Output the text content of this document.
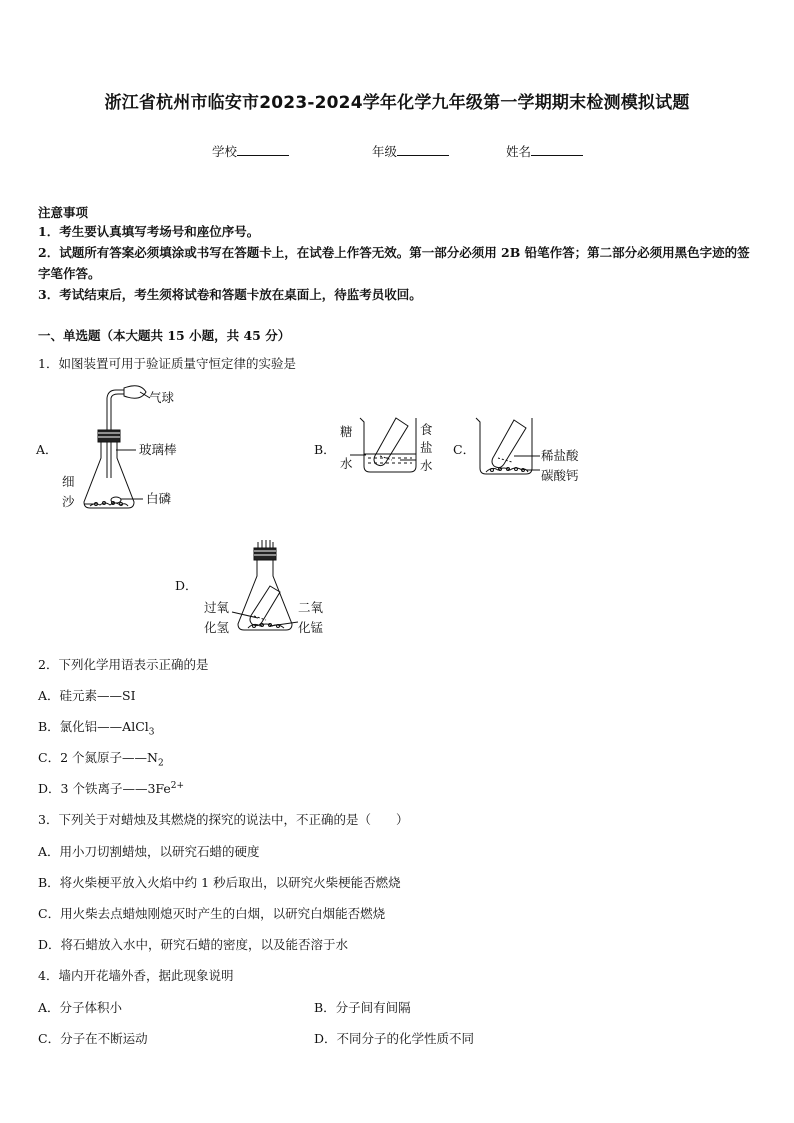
浙江省杭州市临安市2023-2024学年化学九年级第一学期期末检测模拟试题
学校	年级	姓名
注意事项
1．考生要认真填写考场号和座位序号。
2．试题所有答案必须填涂或书写在答题卡上，在试卷上作答无效。第一部分必须用 2B 铅笔作答；第二部分必须用黑色字迹的签字笔作答。
3．考试结束后，考生须将试卷和答题卡放在桌面上，待监考员收回。
一、单选题（本大题共 15 小题，共 45 分）
1．如图装置可用于验证质量守恒定律的实验是
A．
气球
玻璃棒
细
沙	白磷
B．
糖
水
食
盐
水
C．	稀盐酸
碳酸钙
D．
过氧
化氢
二氧
化锰
2．下列化学用语表示正确的是
A．硅元素——SI
B．氯化铝——AlCl$_3$
C．2 个氮原子$——N_2$
D．3 个铁离子$——3Fe^{2+}$
3．下列关于对蜡烛及其燃烧的探究的说法中，不正确的是（　　）
A．用小刀切割蜡烛，以研究石蜡的硬度
B．将火柴梗平放入火焰中约 1 秒后取出，以研究火柴梗能否燃烧
C．用火柴去点蜡烛刚熄灭时产生的白烟，以研究白烟能否燃烧
D．将石蜡放入水中，研究石蜡的密度，以及能否溶于水
4．墙内开花墙外香，据此现象说明
A．分子体积小	B．分子间有间隔
C．分子在不断运动	D．不同分子的化学性质不同
